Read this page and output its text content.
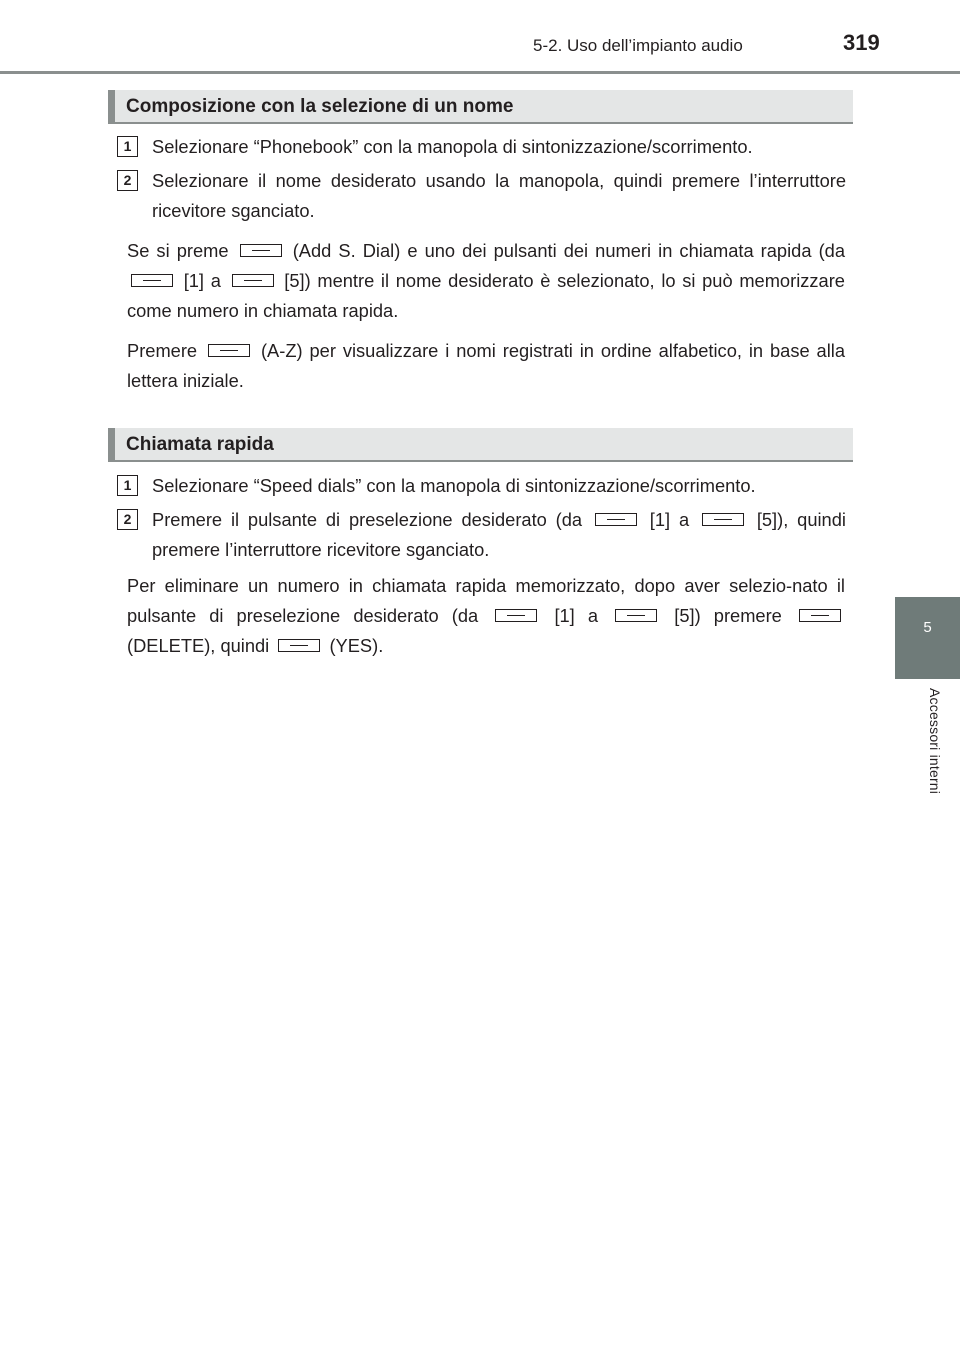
5-2. Uso dell’impianto audio	319
5
Accessori interni
Composizione con la selezione di un nome
1	Selezionare “Phonebook” con la manopola di sintonizzazione/scorrimento.

2	Selezionare il nome desiderato usando la manopola, quindi premere l’interruttore ricevitore sganciato.

Se si preme	(Add S. Dial) e uno dei pulsanti dei numeri in chiamata rapida (da  [1] a	[5]) mentre il nome desiderato è selezionato, lo si può memorizzare come numero in chiamata rapida.

Premere	(A-Z) per visualizzare i nomi registrati in ordine alfabetico, in base alla lettera iniziale.

Chiamata rapida
1	Selezionare “Speed dials” con la manopola di sintonizzazione/scorrimento.

2	Premere il pulsante di preselezione desiderato (da	[1] a	[5]), quindi premere l’interruttore ricevitore sganciato.

Per eliminare un numero in chiamata rapida memorizzato, dopo aver selezio-nato il pulsante di preselezione desiderato (da	[1] a	[5]) premere  (DELETE), quindi	(YES).
